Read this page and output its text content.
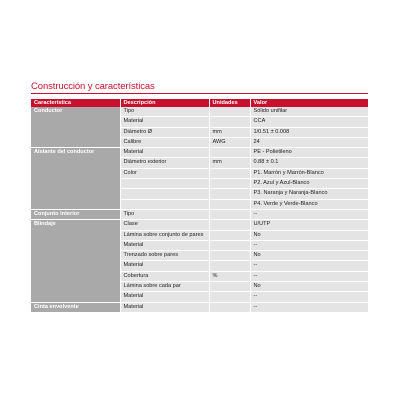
Construcción y características
Característica	Descripción	Unidades	Valor
Conductor	Tipo		Sólido unifilar
	Material		CCA
	Diámetro Ø	mm	1/0.51 ± 0.008
	Calibre	AWG	24
Aislante del conductor	Material		PE - Polietileno
	Diámetro exterior	mm	0.88 ± 0.1
	Color		P1. Marrón y Marrón-Blanco
			P2. Azul y Azul-Blanco
			P3. Naranja y Naranja-Blanco
			P4. Verde y Verde-Blanco
Conjunto interior	Tipo		--
Blindaje	Clase		U/UTP
	Lámina sobre conjunto de pares		No
	Material		--
	Trenzado sobre pares		No
	Material		--
	Cobertura	%	--
	Lámina sobre cada par		No
	Material		--
Cinta envolvente	Material		--
